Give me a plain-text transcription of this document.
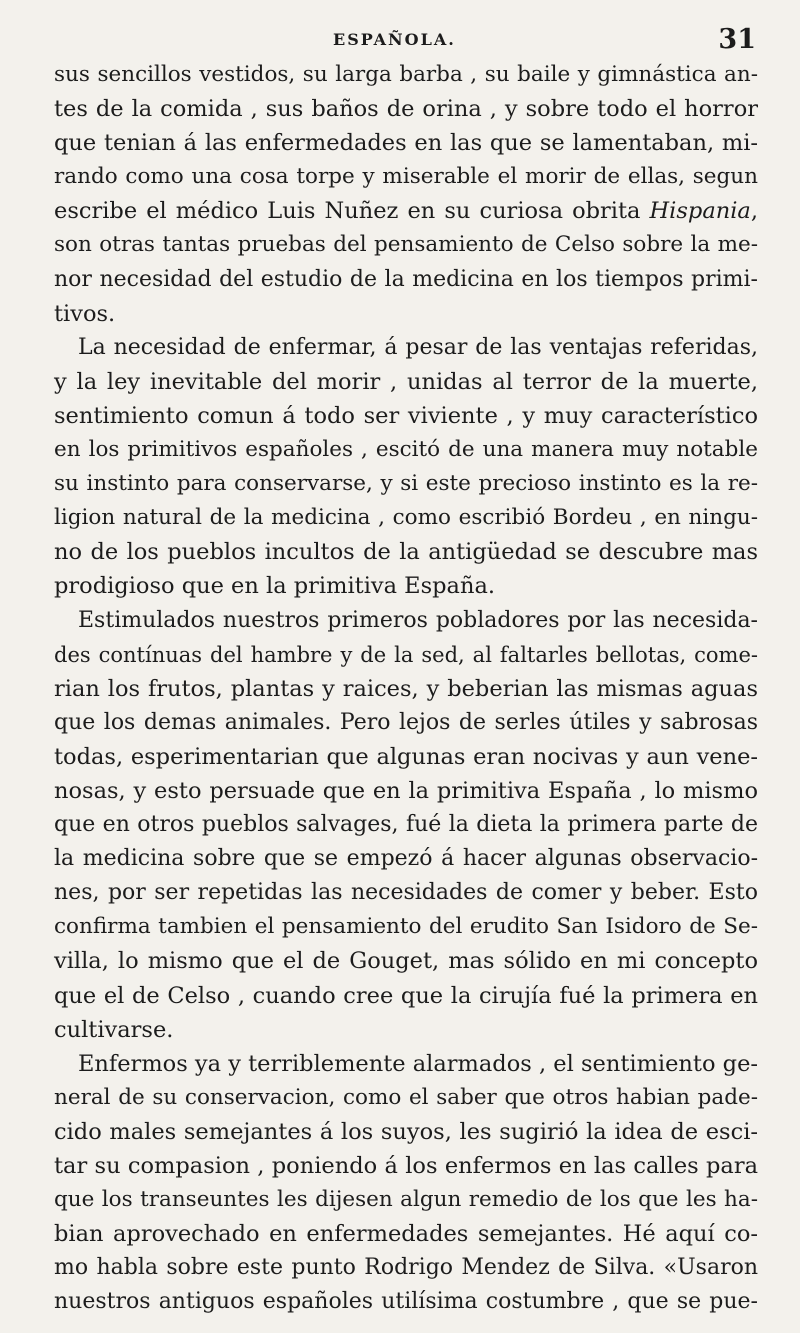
ESPAÑOLA.	31
sus sencillos vestidos, su larga barba , su baile y gimnástica an-
tes de la comida , sus baños de orina , y sobre todo el horror
que tenian á las enfermedades en las que se lamentaban, mi-
rando como una cosa torpe y miserable el morir de ellas, segun
escribe el médico Luis Nuñez en su curiosa obrita Hispania,
son otras tantas pruebas del pensamiento de Celso sobre la me-
nor necesidad del estudio de la medicina en los tiempos primi-
tivos.
La necesidad de enfermar, á pesar de las ventajas referidas,
y la ley inevitable del morir , unidas al terror de la muerte,
sentimiento comun á todo ser viviente , y muy característico
en los primitivos españoles , escitó de una manera muy notable
su instinto para conservarse, y si este precioso instinto es la re-
ligion natural de la medicina , como escribió Bordeu , en ningu-
no de los pueblos incultos de la antigüedad se descubre mas
prodigioso que en la primitiva España.
Estimulados nuestros primeros pobladores por las necesida-
des contínuas del hambre y de la sed, al faltarles bellotas, come-
rian los frutos, plantas y raices, y beberian las mismas aguas
que los demas animales. Pero lejos de serles útiles y sabrosas
todas, esperimentarian que algunas eran nocivas y aun vene-
nosas, y esto persuade que en la primitiva España , lo mismo
que en otros pueblos salvages, fué la dieta la primera parte de
la medicina sobre que se empezó á hacer algunas observacio-
nes, por ser repetidas las necesidades de comer y beber. Esto
confirma tambien el pensamiento del erudito San Isidoro de Se-
villa, lo mismo que el de Gouget, mas sólido en mi concepto
que el de Celso , cuando cree que la cirujía fué la primera en
cultivarse.
Enfermos ya y terriblemente alarmados , el sentimiento ge-
neral de su conservacion, como el saber que otros habian pade-
cido males semejantes á los suyos, les sugirió la idea de esci-
tar su compasion , poniendo á los enfermos en las calles para
que los transeuntes les dijesen algun remedio de los que les ha-
bian aprovechado en enfermedades semejantes. Hé aquí co-
mo habla sobre este punto Rodrigo Mendez de Silva. «Usaron
nuestros antiguos españoles utilísima costumbre , que se pue-
